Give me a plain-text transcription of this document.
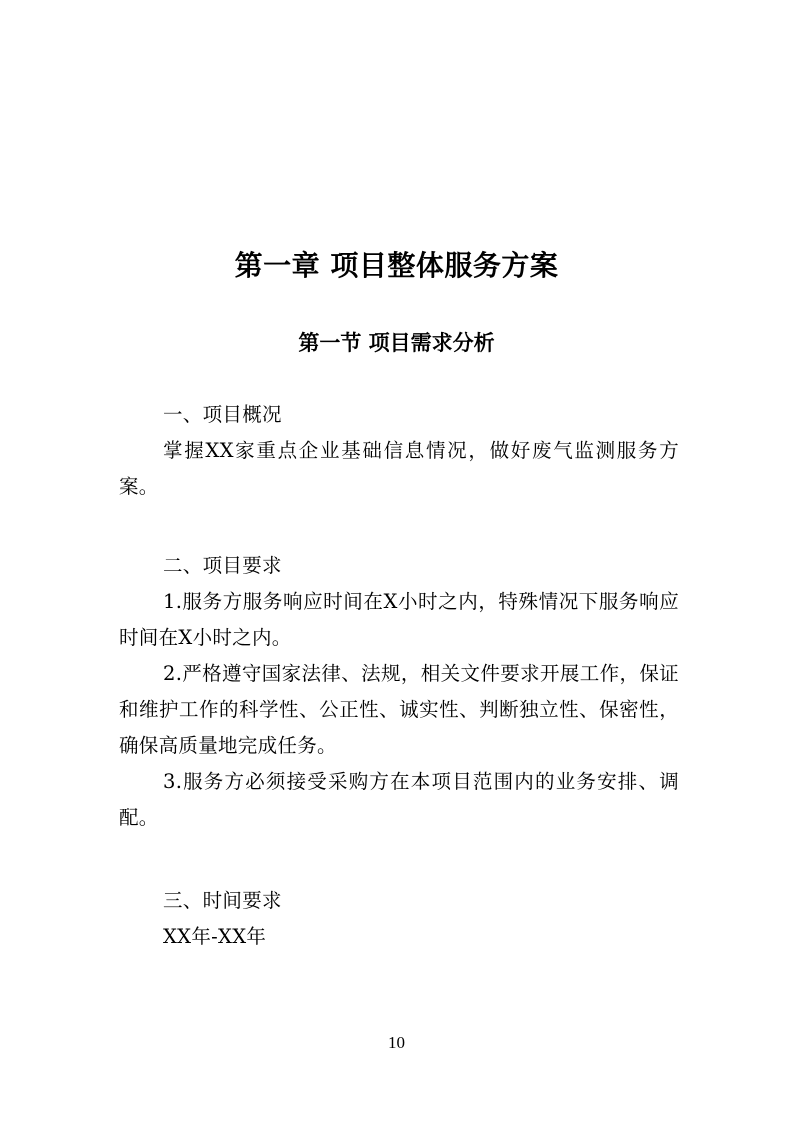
第一章 项目整体服务方案
第一节 项目需求分析

一、项目概况

掌握XX家重点企业基础信息情况，做好废气监测服务方案。

二、项目要求

1.服务方服务响应时间在X小时之内，特殊情况下服务响应时间在X小时之内。

2.严格遵守国家法律、法规，相关文件要求开展工作，保证和维护工作的科学性、公正性、诚实性、判断独立性、保密性，确保高质量地完成任务。

3.服务方必须接受采购方在本项目范围内的业务安排、调配。

三、时间要求

XX年-XX年

10
